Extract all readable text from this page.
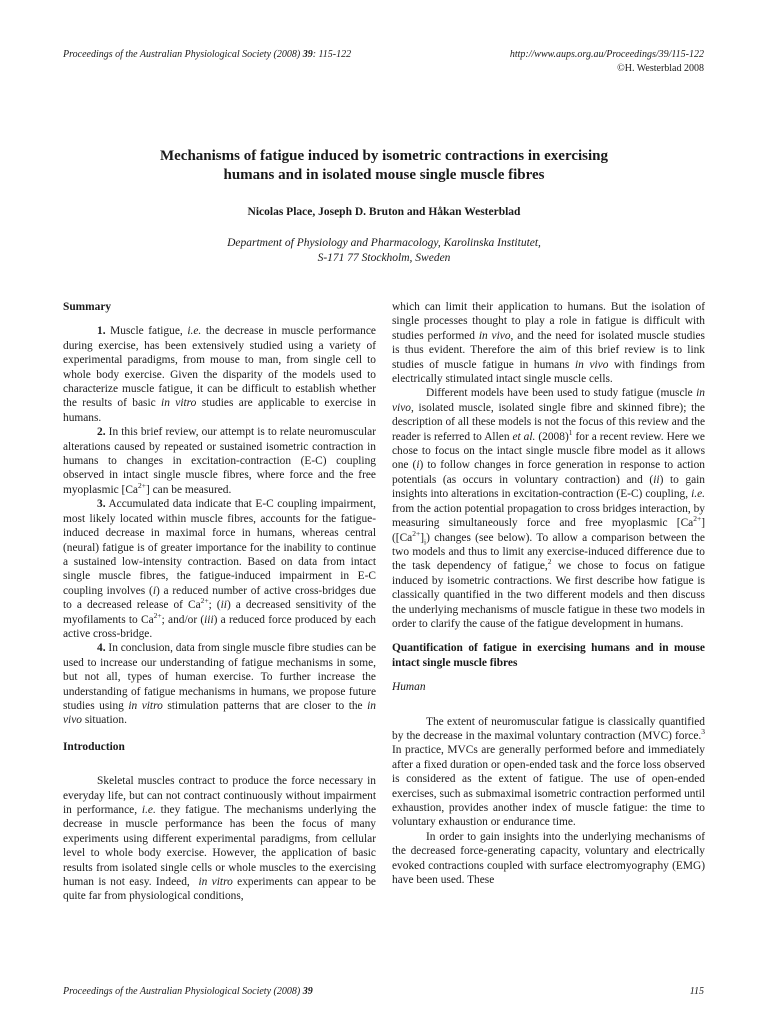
Proceedings of the Australian Physiological Society (2008) 39: 115-122	http://www.aups.org.au/Proceedings/39/115-122
©H. Westerblad 2008
Mechanisms of fatigue induced by isometric contractions in exercising
humans and in isolated mouse single muscle fibres
Nicolas Place, Joseph D. Bruton and Håkan Westerblad
Department of Physiology and Pharmacology, Karolinska Institutet,
S-171 77 Stockholm, Sweden
Summary

1. Muscle fatigue, i.e. the decrease in muscle performance during exercise, has been extensively studied using a variety of experimental paradigms, from mouse to man, from single cell to whole body exercise. Given the disparity of the models used to characterize muscle fatigue, it can be difficult to establish whether the results of basic in vitro studies are applicable to exercise in humans.

2. In this brief review, our attempt is to relate neuromuscular alterations caused by repeated or sustained isometric contraction in humans to changes in excitation-contraction (E-C) coupling observed in intact single muscle fibres, where force and the free myoplasmic $[Ca^{2+}]$ can be measured.

3. Accumulated data indicate that E-C coupling impairment, most likely located within muscle fibres, accounts for the fatigue-induced decrease in maximal force in humans, whereas central (neural) fatigue is of greater importance for the inability to continue a sustained low-intensity contraction. Based on data from intact single muscle fibres, the fatigue-induced impairment in E-C coupling involves (i) a reduced number of active cross-bridges due to a decreased release of $Ca^{2+}$; (ii) a decreased sensitivity of the myofilaments to $Ca^{2+}$; and/or (iii) a reduced force produced by each active cross-bridge.

4. In conclusion, data from single muscle fibre studies can be used to increase our understanding of fatigue mechanisms in some, but not all, types of human exercise. To further increase the understanding of fatigue mechanisms in humans, we propose future studies using in vitro stimulation patterns that are closer to the in vivo situation.

Introduction

Skeletal muscles contract to produce the force necessary in everyday life, but can not contract continuously without impairment in performance, i.e. they fatigue. The mechanisms underlying the decrease in muscle performance has been the focus of many experiments using different experimental paradigms, from cellular level to whole body exercise. However, the application of basic results from isolated single cells or whole muscles to the exercising human is not easy. Indeed,  in vitro experiments can appear to be quite far from physiological conditions,

which can limit their application to humans. But the isolation of single processes thought to play a role in fatigue is difficult with studies performed in vivo, and the need for isolated muscle studies is thus evident. Therefore the aim of this brief review is to link studies of muscle fatigue in humans in vivo with findings from electrically stimulated intact single muscle cells.

Different models have been used to study fatigue (muscle in vivo, isolated muscle, isolated single fibre and skinned fibre); the description of all these models is not the focus of this review and the reader is referred to Allen et al. $(2008)^1$ for a recent review. Here we chose to focus on the intact single muscle fibre model as it allows one (i) to follow changes in force generation in response to action potentials (as occurs in voluntary contraction) and (ii) to gain insights into alterations in excitation-contraction (E-C) coupling, i.e. from the action potential propagation to cross bridges interaction, by measuring simultaneously force and free myoplasmic $[Ca^{2+}]$ $([Ca^{2+}]_i)$ changes (see below). To allow a comparison between the two models and thus to limit any exercise-induced difference due to the task dependency of fatigue,$^2$ we chose to focus on fatigue induced by isometric contractions. We first describe how fatigue is classically quantified in the two different models and then discuss the underlying mechanisms of muscle fatigue in these two models in order to clarify the cause of the fatigue development in humans.

Quantification of fatigue in exercising humans and in mouse intact single muscle fibres
Human

The extent of neuromuscular fatigue is classically quantified by the decrease in the maximal voluntary contraction (MVC) force.$^3$ In practice, MVCs are generally performed before and immediately after a fixed duration or open-ended task and the force loss observed is considered as the extent of fatigue. The use of open-ended exercises, such as submaximal isometric contraction performed until exhaustion, provides another index of muscle fatigue: the time to voluntary exhaustion or endurance time.

In order to gain insights into the underlying mechanisms of the decreased force-generating capacity, voluntary and electrically evoked contractions coupled with surface electromyography (EMG) have been used. These

Proceedings of the Australian Physiological Society (2008) 39	115
